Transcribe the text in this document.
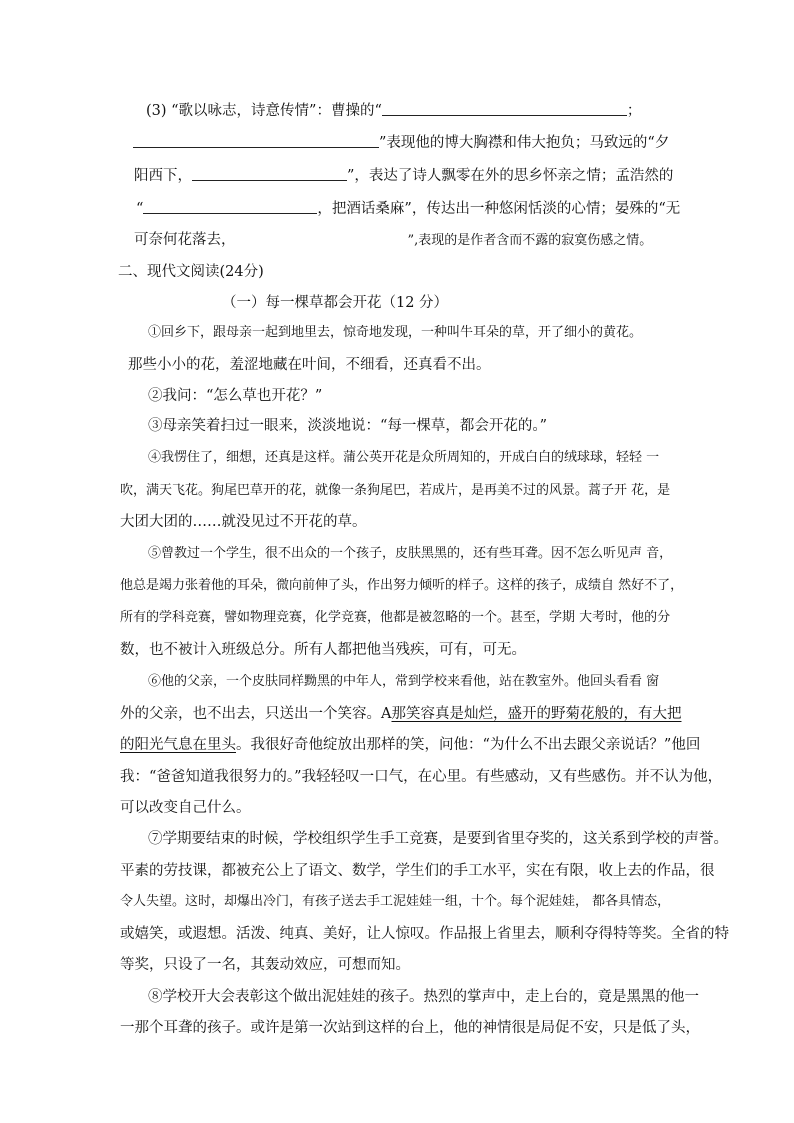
(3) “歌以咏志，诗意传情”：曹操的“	；
”表现他的博大胸襟和伟大抱负；马致远的“夕
阳西下，	”，表达了诗人飘零在外的思乡怀亲之情；孟浩然的
“	，把酒话桑麻”，传达出一种悠闲恬淡的心情；晏殊的“无
可奈何花落去，	”,表现的是作者含而不露的寂寞伤感之情。
二、现代文阅读(24分)
（一）每一棵草都会开花（12 分）
①回乡下，跟母亲一起到地里去，惊奇地发现，一种叫牛耳朵的草，开了细小的黄花。
那些小小的花，羞涩地藏在叶间，不细看，还真看不出。
②我问：“怎么草也开花？”
③母亲笑着扫过一眼来，淡淡地说：“每一棵草，都会开花的。”
④我愣住了，细想，还真是这样。蒲公英开花是众所周知的，开成白白的绒球球，轻轻 一
吹，满天飞花。狗尾巴草开的花，就像一条狗尾巴，若成片，是再美不过的风景。蒿子开 花，是
大团大团的……就没见过不开花的草。
⑤曾教过一个学生，很不出众的一个孩子，皮肤黑黑的，还有些耳聋。因不怎么听见声 音，
他总是竭力张着他的耳朵，微向前伸了头，作出努力倾听的样子。这样的孩子，成绩自 然好不了，
所有的学科竞赛，譬如物理竞赛，化学竞赛，他都是被忽略的一个。甚至，学期 大考时，他的分
数，也不被计入班级总分。所有人都把他当残疾，可有，可无。
⑥他的父亲，一个皮肤同样黝黑的中年人，常到学校来看他，站在教室外。他回头看看 窗
外的父亲，也不出去，只送出一个笑容。A那笑容真是灿烂，盛开的野菊花般的，有大把
的阳光气息在里头。我很好奇他绽放出那样的笑，问他：“为什么不出去跟父亲说话？”他回
我：“爸爸知道我很努力的。”我轻轻叹一口气，在心里。有些感动，又有些感伤。并不认为他，
可以改变自己什么。
⑦学期要结束的时候，学校组织学生手工竞赛，是要到省里夺奖的，这关系到学校的声誉。
平素的劳技课，都被充公上了语文、数学，学生们的手工水平，实在有限，收上去的作品，很
令人失望。这时，却爆出冷门，有孩子送去手工泥娃娃一组，十个。每个泥娃娃， 都各具情态，
或嬉笑，或遐想。活泼、纯真、美好，让人惊叹。作品报上省里去，顺利夺得特等奖。全省的特
等奖，只设了一名，其轰动效应，可想而知。
⑧学校开大会表彰这个做出泥娃娃的孩子。热烈的掌声中，走上台的，竟是黑黑的他一
一那个耳聋的孩子。或许是第一次站到这样的台上，他的神情很是局促不安，只是低了头，
